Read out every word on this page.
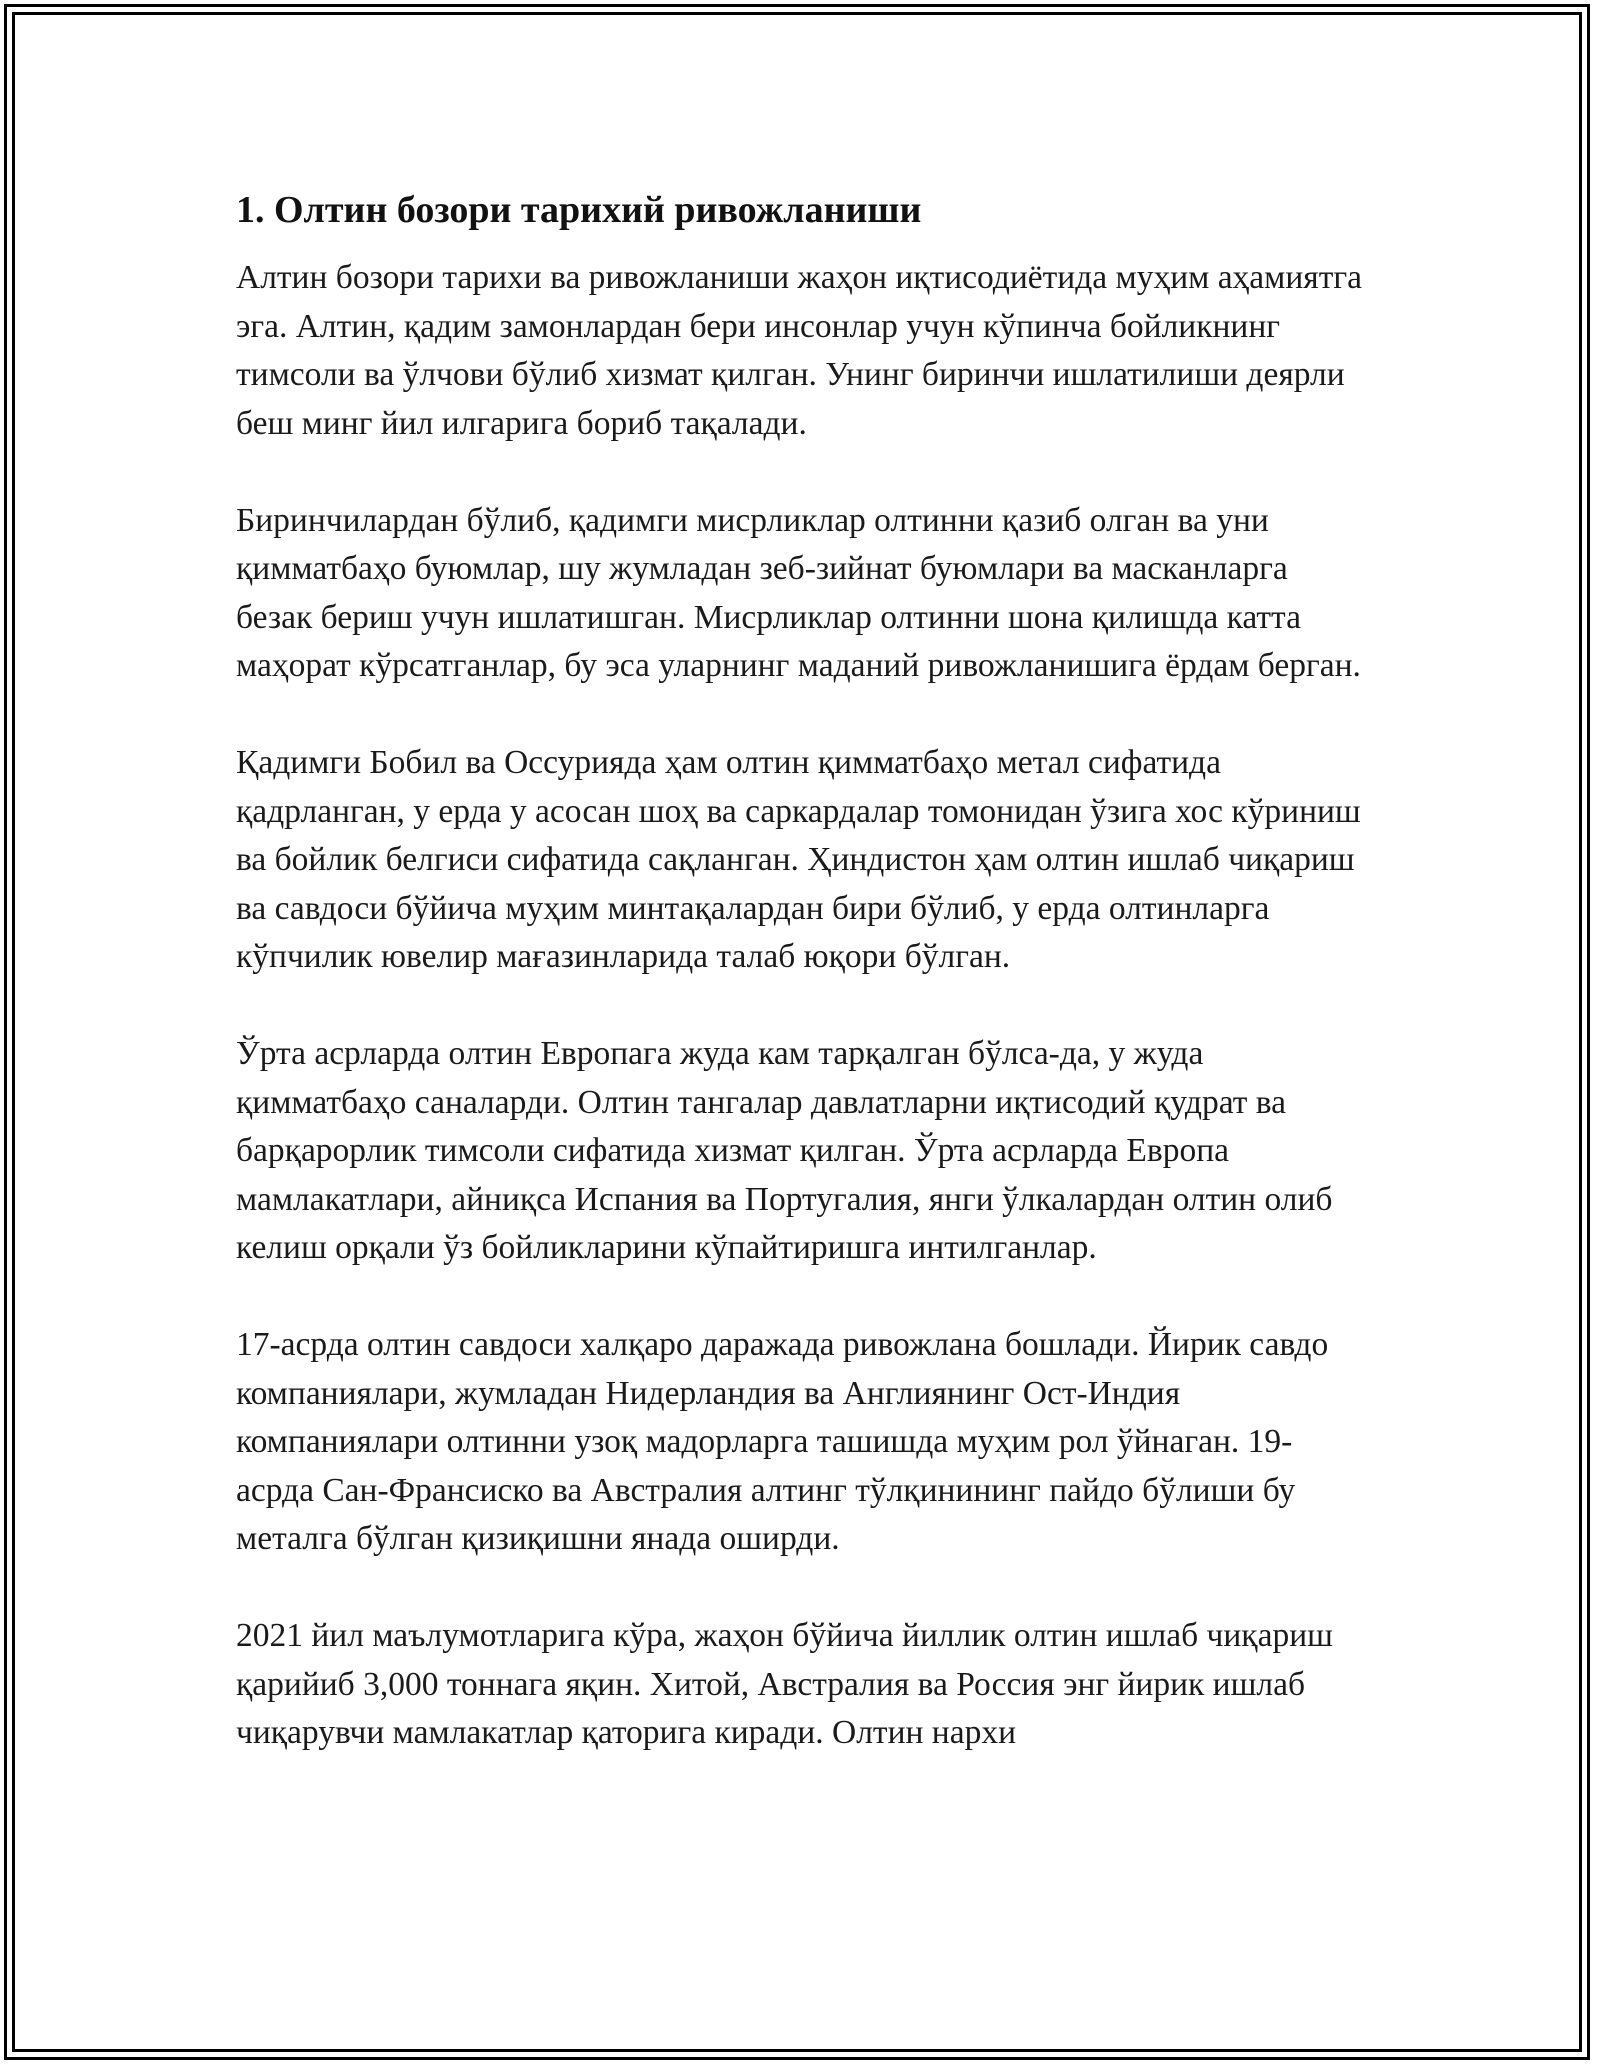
1. Олтин бозори тарихий ривожланиши

Алтин бозори тарихи ва ривожланиши жаҳон иқтисодиётида муҳим аҳамиятга эга. Алтин, қадим замонлардан бери инсонлар учун кўпинча бойликнинг тимсоли ва ўлчови бўлиб хизмат қилган. Унинг биринчи ишлатилиши деярли беш минг йил илгарига бориб тақалади.

Биринчилардан бўлиб, қадимги мисрликлар олтинни қазиб олган ва уни қимматбаҳо буюмлар, шу жумладан зеб-зийнат буюмлари ва масканларга безак бериш учун ишлатишган. Мисрликлар олтинни шона қилишда катта маҳорат кўрсатганлар, бу эса уларнинг маданий ривожланишига ёрдам берган.

Қадимги Бобил ва Оссурияда ҳам олтин қимматбаҳо метал сифатида қадрланган, у ерда у асосан шоҳ ва саркардалар томонидан ўзига хос кўриниш ва бойлик белгиси сифатида сақланган. Ҳиндистон ҳам олтин ишлаб чиқариш ва савдоси бўйича муҳим минтақалардан бири бўлиб, у ерда олтинларга кўпчилик ювелир мағазинларида талаб юқори бўлган.

Ўрта асрларда олтин Европага жуда кам тарқалган бўлса-да, у жуда қимматбаҳо саналарди. Олтин тангалар давлатларни иқтисодий қудрат ва барқарорлик тимсоли сифатида хизмат қилган. Ўрта асрларда Европа мамлакатлари, айниқса Испания ва Португалия, янги ўлкалардан олтин олиб келиш орқали ўз бойликларини кўпайтиришга интилганлар.

17-асрда олтин савдоси халқаро даражада ривожлана бошлади. Йирик савдо компаниялари, жумладан Нидерландия ва Англиянинг Ост-Индия компаниялари олтинни узоқ мадорларга ташишда муҳим рол ўйнаган. 19-асрда Сан-Франсиско ва Австралия алтинг тўлқинининг пайдо бўлиши бу металга бўлган қизиқишни янада оширди.

2021 йил маълумотларига кўра, жаҳон бўйича йиллик олтин ишлаб чиқариш қарийиб 3,000 тоннага яқин. Хитой, Австралия ва Россия энг йирик ишлаб чиқарувчи мамлакатлар қаторига киради. Олтин нархи
